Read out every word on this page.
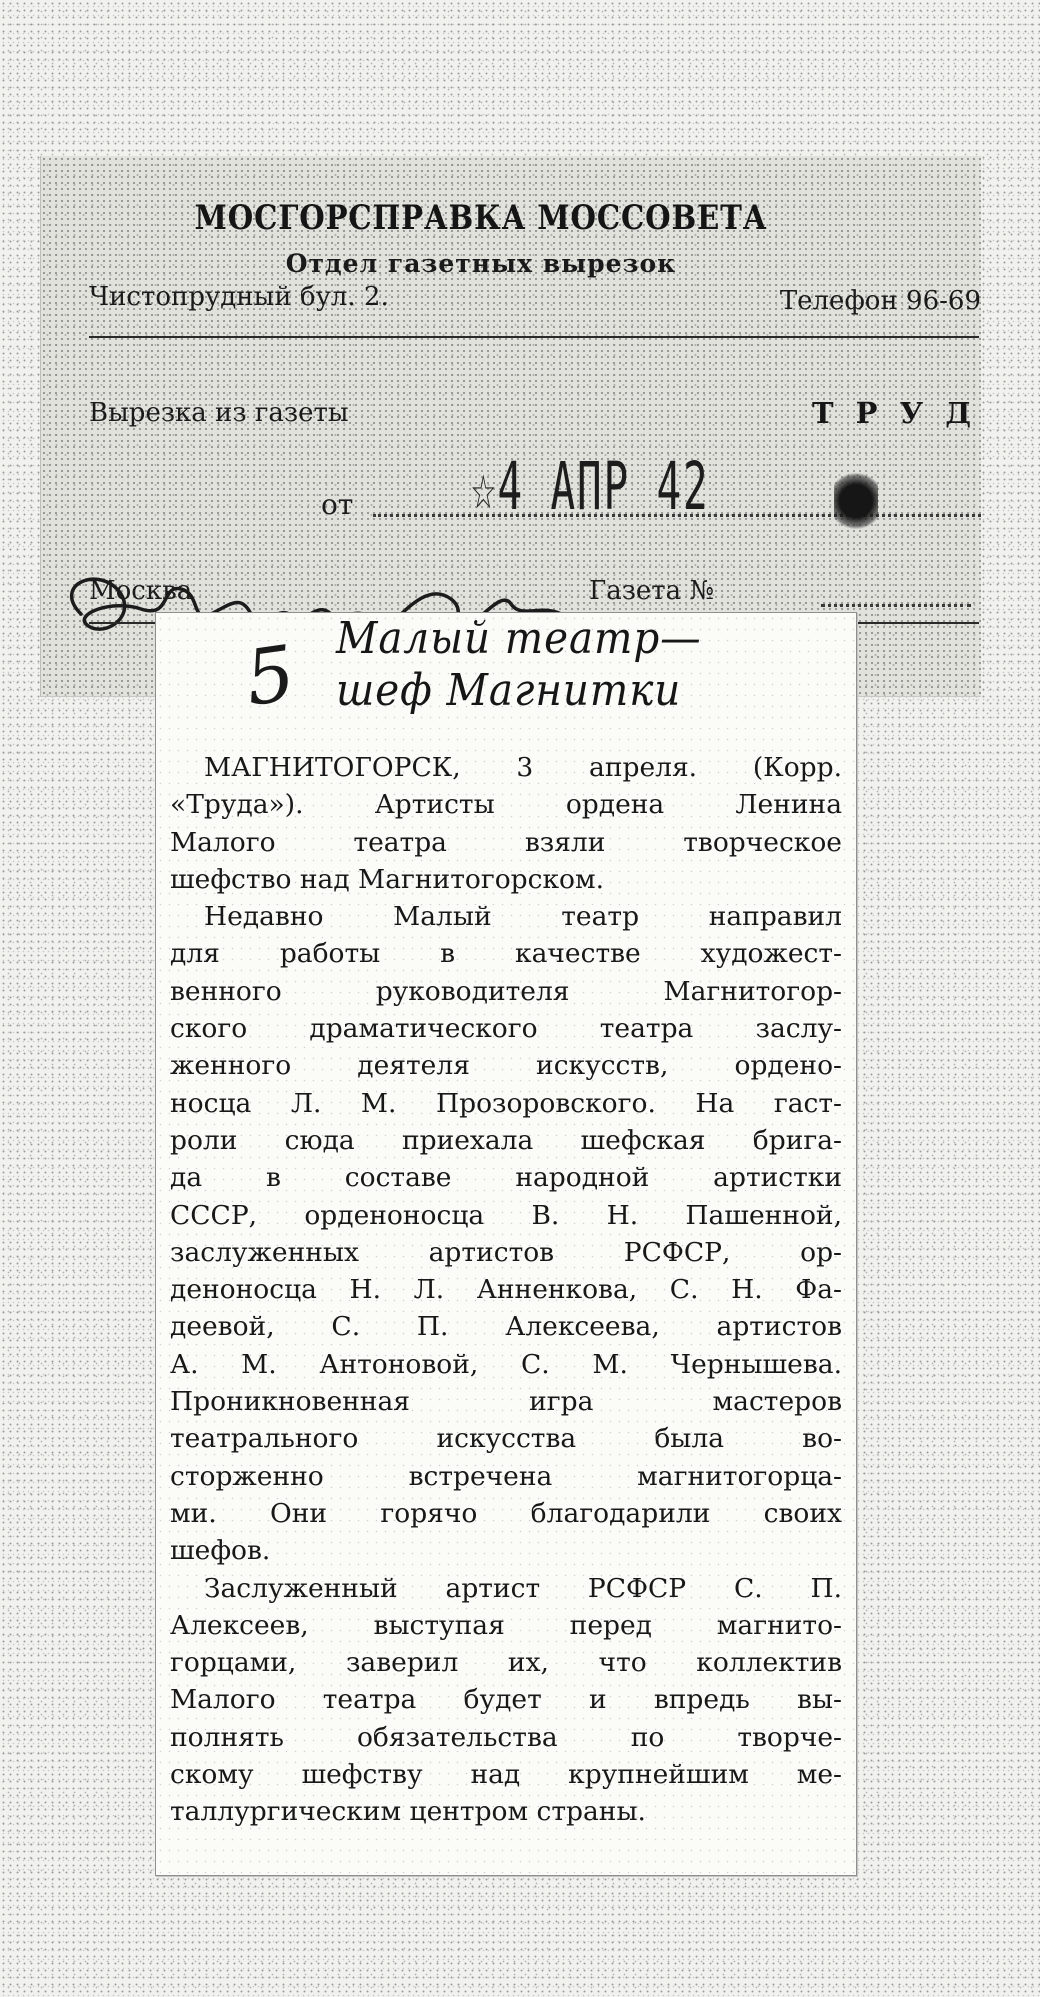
МОСГОРСПРАВКА МОССОВЕТА
Отдел газетных вырезок
Чистопрудный бул. 2.	Телефон 96-69
Вырезка из газеты	Т Р У Д
от ☆4 АПР 42
Москва	Газета №
5 Малый театр—
шеф Магнитки
МАГНИТОГОРСК, 3 апреля. (Корр.
«Труда»). Артисты ордена Ленина
Малого театра взяли творческое
шефство над Магнитогорском.
Недавно Малый театр направил
для работы в качестве художест-
венного руководителя Магнитогор-
ского драматического театра заслу-
женного деятеля искусств, ордено-
носца Л. М. Прозоровского. На гаст-
роли сюда приехала шефская брига-
да в составе народной артистки
СССР, орденоносца В. Н. Пашенной,
заслуженных артистов РСФСР, ор-
деноносца Н. Л. Анненкова, С. Н. Фа-
деевой, С. П. Алексеева, артистов
А. М. Антоновой, С. М. Чернышева.
Проникновенная игра мастеров
театрального искусства была во-
сторженно встречена магнитогорца-
ми. Они горячо благодарили своих
шефов.
Заслуженный артист РСФСР С. П.
Алексеев, выступая перед магнито-
горцами, заверил их, что коллектив
Малого театра будет и впредь вы-
полнять обязательства по творче-
скому шефству над крупнейшим ме-
таллургическим центром страны.
